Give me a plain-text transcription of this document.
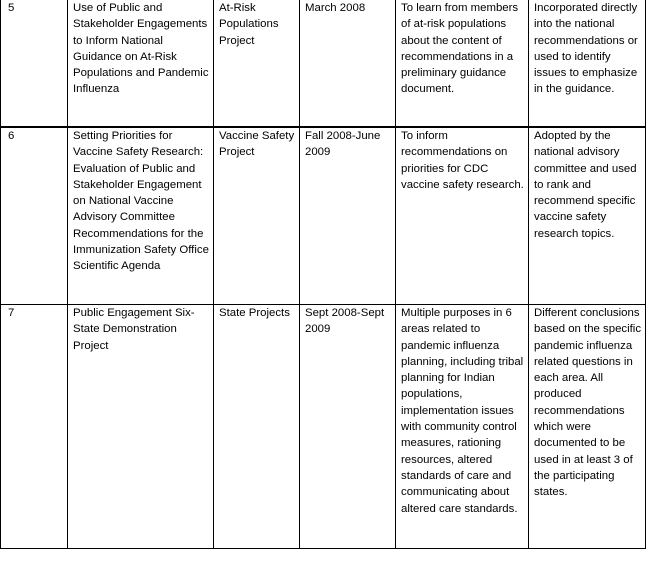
5	Use of Public and Stakeholder Engagements to Inform National Guidance on At-Risk Populations and Pandemic Influenza	At-Risk Populations Project	March 2008	To learn from members of at-risk populations about the content of recommendations in a preliminary guidance document.	Incorporated directly into the national recommendations or used to identify issues to emphasize in the guidance.
6	Setting Priorities for Vaccine Safety Research: Evaluation of Public and Stakeholder Engagement on National Vaccine Advisory Committee Recommendations for the Immunization Safety Office Scientific Agenda	Vaccine Safety Project	Fall 2008-June 2009	To inform recommendations on priorities for CDC vaccine safety research.	Adopted by the national advisory committee and used to rank and recommend specific vaccine safety research topics.
7	Public Engagement Six-State Demonstration Project	State Projects	Sept 2008-Sept 2009	Multiple purposes in 6 areas related to pandemic influenza planning, including tribal planning for Indian populations, implementation issues with community control measures, rationing resources, altered standards of care and communicating about altered care standards.	Different conclusions based on the specific pandemic influenza related questions in each area. All produced recommendations which were documented to be used in at least 3 of the participating states.
